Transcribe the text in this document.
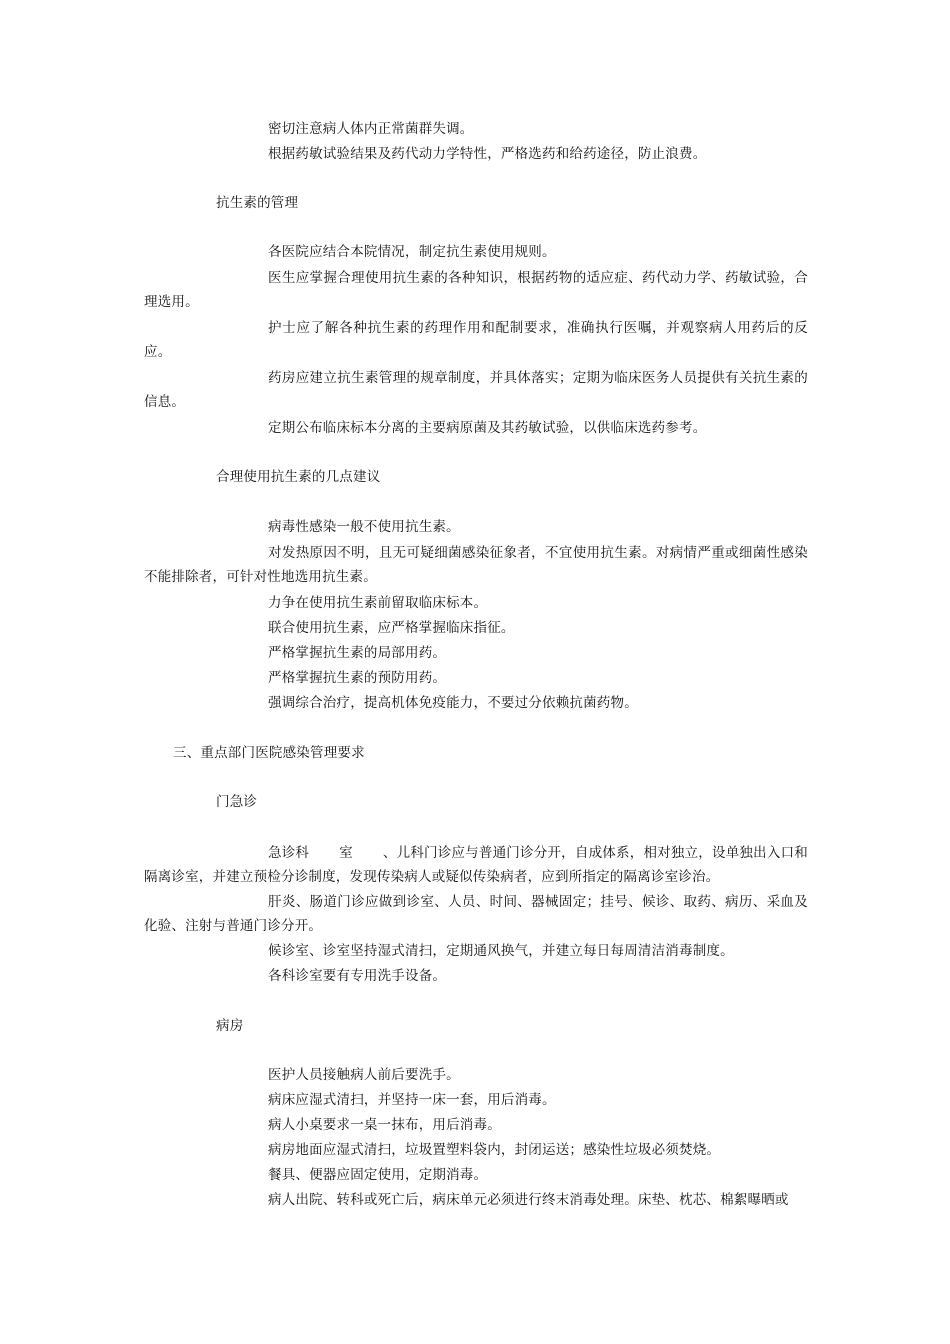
密切注意病人体内正常菌群失调。
根据药敏试验结果及药代动力学特性，严格选药和给药途径，防止浪费。
抗生素的管理
各医院应结合本院情况，制定抗生素使用规则。
医生应掌握合理使用抗生素的各种知识，根据药物的适应症、药代动力学、药敏试验，合理选用。
护士应了解各种抗生素的药理作用和配制要求，准确执行医嘱，并观察病人用药后的反应。
药房应建立抗生素管理的规章制度，并具体落实；定期为临床医务人员提供有关抗生素的信息。
定期公布临床标本分离的主要病原菌及其药敏试验，以供临床选药参考。
合理使用抗生素的几点建议
病毒性感染一般不使用抗生素。
对发热原因不明，且无可疑细菌感染征象者，不宜使用抗生素。对病情严重或细菌性感染不能排除者，可针对性地选用抗生素。
力争在使用抗生素前留取临床标本。
联合使用抗生素，应严格掌握临床指征。
严格掌握抗生素的局部用药。
严格掌握抗生素的预防用药。
强调综合治疗，提高机体免疫能力，不要过分依赖抗菌药物。
三、重点部门医院感染管理要求
门急诊
急诊科 室 、儿科门诊应与普通门诊分开，自成体系，相对独立，设单独出入口和隔离诊室，并建立预检分诊制度，发现传染病人或疑似传染病者，应到所指定的隔离诊室诊治。
肝炎、肠道门诊应做到诊室、人员、时间、器械固定；挂号、候诊、取药、病历、采血及化验、注射与普通门诊分开。
候诊室、诊室坚持湿式清扫，定期通风换气，并建立每日每周清洁消毒制度。
各科诊室要有专用洗手设备。
病房
医护人员接触病人前后要洗手。
病床应湿式清扫，并坚持一床一套，用后消毒。
病人小桌要求一桌一抹布，用后消毒。
病房地面应湿式清扫，垃圾置塑料袋内，封闭运送；感染性垃圾必须焚烧。
餐具、便器应固定使用，定期消毒。
病人出院、转科或死亡后，病床单元必须进行终末消毒处理。床垫、枕芯、棉絮曝晒或
